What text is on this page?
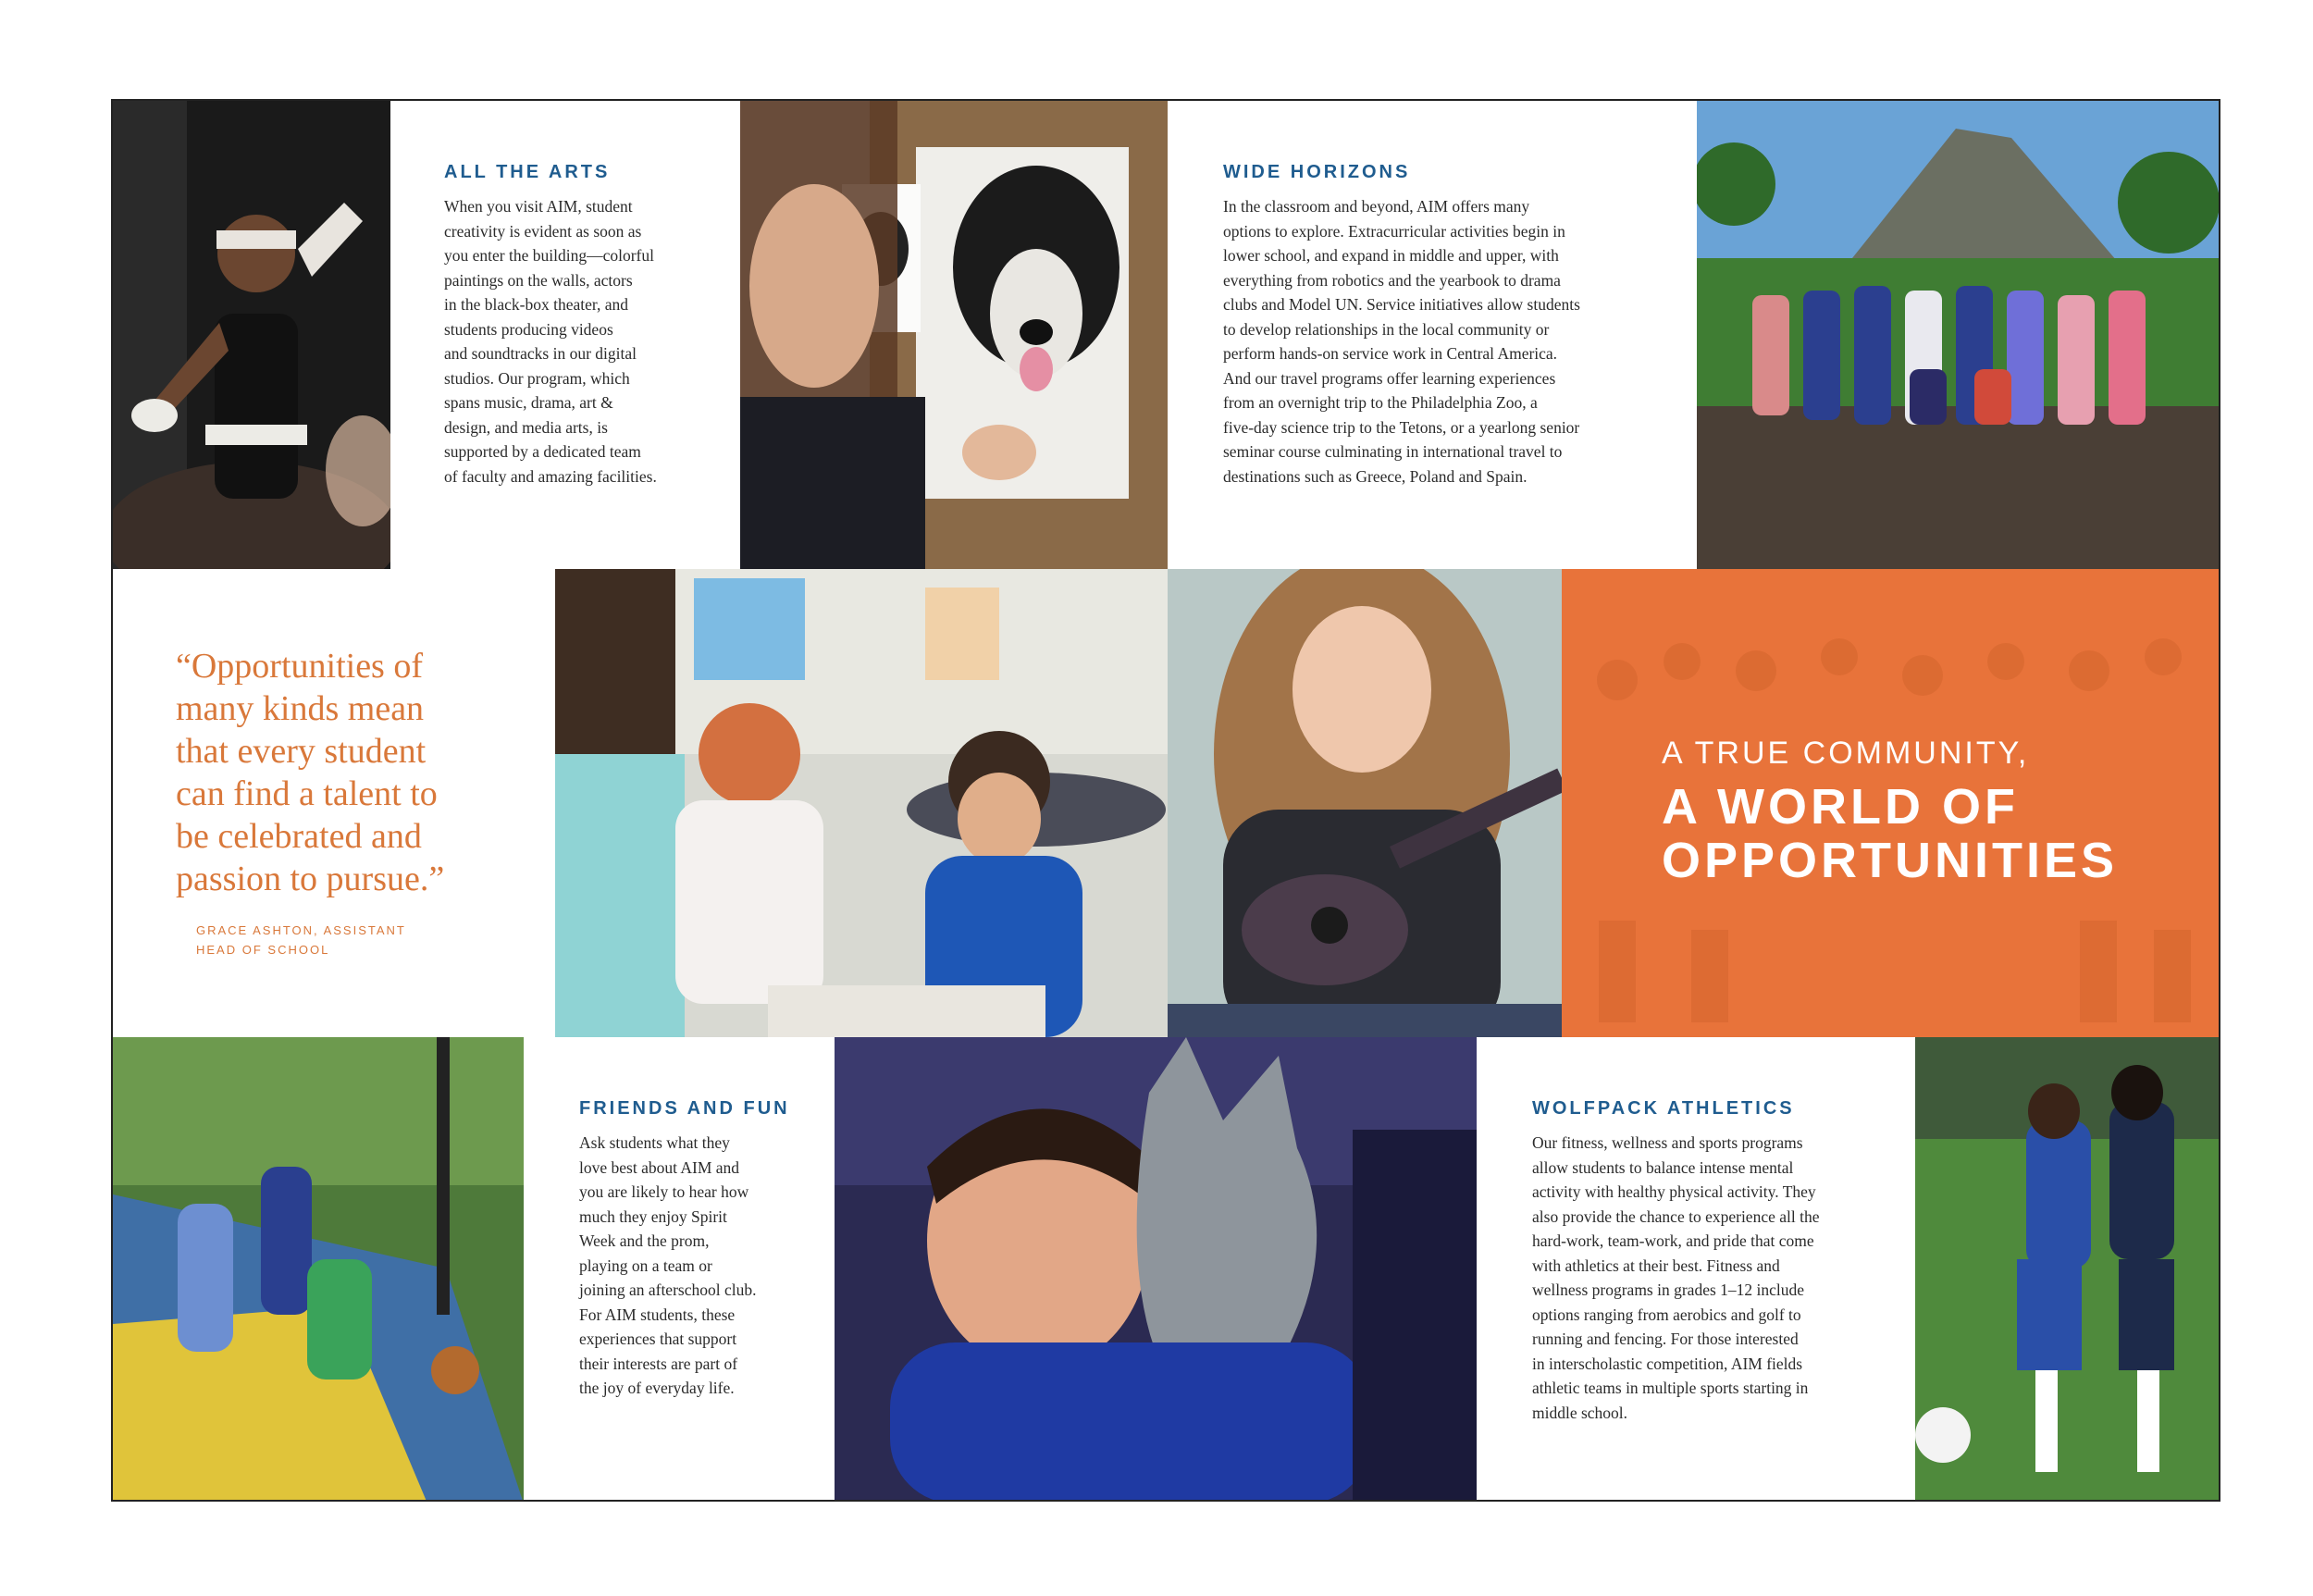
ALL THE ARTS

When you visit AIM, student
creativity is evident as soon as
you enter the building—colorful
paintings on the walls, actors
in the black-box theater, and
students producing videos
and soundtracks in our digital
studios. Our program, which
spans music, drama, art &
design, and media arts, is
supported by a dedicated team
of faculty and amazing facilities.

WIDE HORIZONS

In the classroom and beyond, AIM offers many
options to explore. Extracurricular activities begin in
lower school, and expand in middle and upper, with
everything from robotics and the yearbook to drama
clubs and Model UN. Service initiatives allow students
to develop relationships in the local community or
perform hands-on service work in Central America.
And our travel programs offer learning experiences
from an overnight trip to the Philadelphia Zoo, a
five-day science trip to the Tetons, or a yearlong senior
seminar course culminating in international travel to
destinations such as Greece, Poland and Spain.

“Opportunities of
many kinds mean
that every student
can find a talent to
be celebrated and
passion to pursue.”
GRACE ASHTON, ASSISTANT
HEAD OF SCHOOL
A TRUE COMMUNITY,
A WORLD OF
OPPORTUNITIES
FRIENDS AND FUN

Ask students what they
love best about AIM and
you are likely to hear how
much they enjoy Spirit
Week and the prom,
playing on a team or
joining an afterschool club.
For AIM students, these
experiences that support
their interests are part of
the joy of everyday life.

WOLFPACK ATHLETICS

Our fitness, wellness and sports programs
allow students to balance intense mental
activity with healthy physical activity. They
also provide the chance to experience all the
hard-work, team-work, and pride that come
with athletics at their best. Fitness and
wellness programs in grades 1–12 include
options ranging from aerobics and golf to
running and fencing. For those interested
in interscholastic competition, AIM fields
athletic teams in multiple sports starting in
middle school.
